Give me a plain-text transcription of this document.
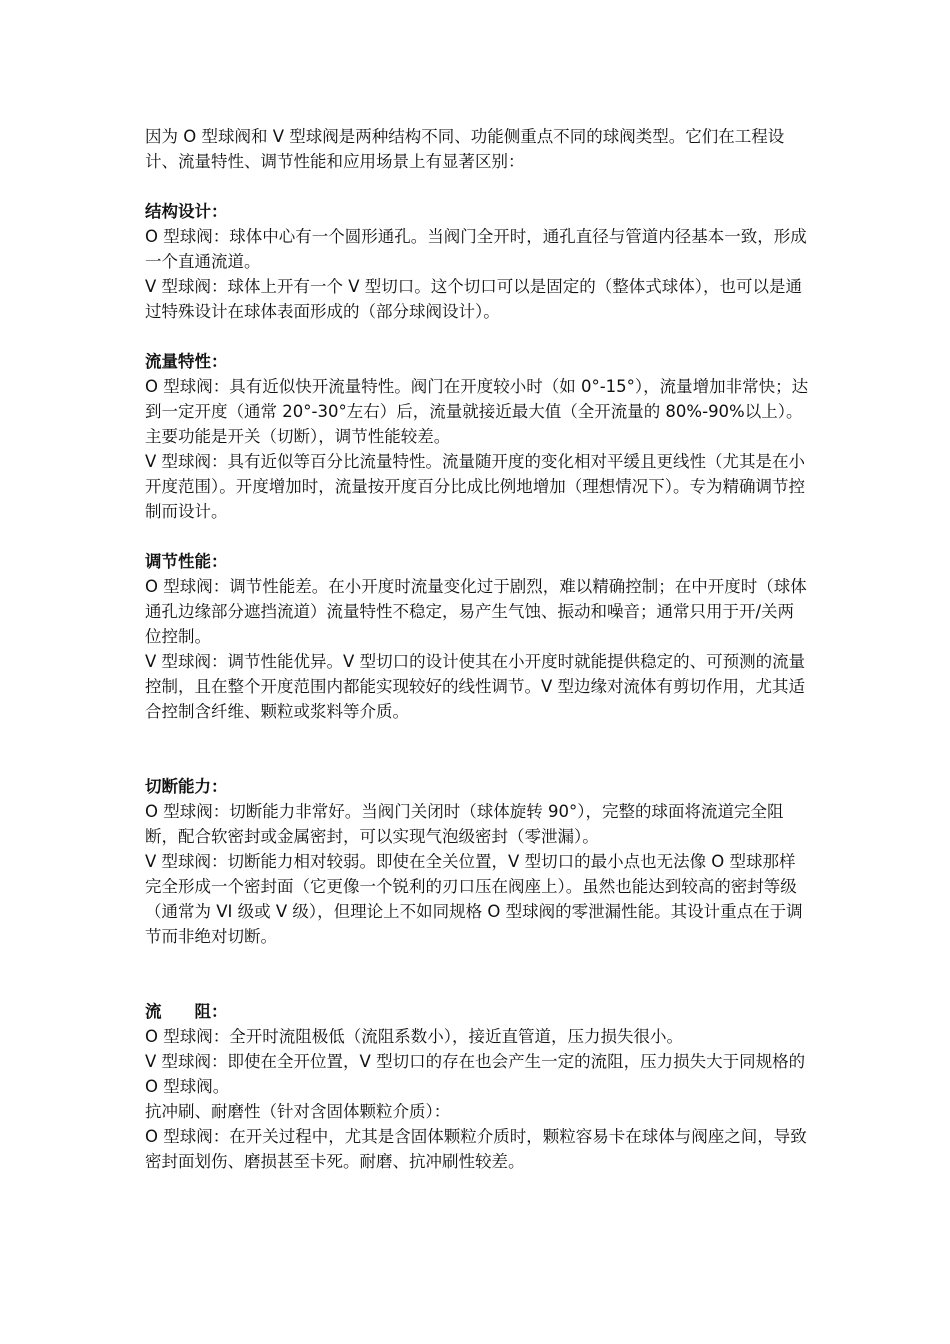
因为 O 型球阀和 V 型球阀是两种结构不同、功能侧重点不同的球阀类型。它们在工程设计、流量特性、调节性能和应用场景上有显著区别：

结构设计：

O 型球阀：球体中心有一个圆形通孔。当阀门全开时，通孔直径与管道内径基本一致，形成一个直通流道。

V 型球阀：球体上开有一个 V 型切口。这个切口可以是固定的（整体式球体），也可以是通过特殊设计在球体表面形成的（部分球阀设计）。

流量特性：

O 型球阀：具有近似快开流量特性。阀门在开度较小时（如 0°-15°），流量增加非常快；达到一定开度（通常 20°-30°左右）后，流量就接近最大值（全开流量的 80%-90%以上）。主要功能是开关（切断），调节性能较差。

V 型球阀：具有近似等百分比流量特性。流量随开度的变化相对平缓且更线性（尤其是在小开度范围）。开度增加时，流量按开度百分比成比例地增加（理想情况下）。专为精确调节控制而设计。

调节性能：

O 型球阀：调节性能差。在小开度时流量变化过于剧烈，难以精确控制；在中开度时（球体通孔边缘部分遮挡流道）流量特性不稳定，易产生气蚀、振动和噪音；通常只用于开/关两位控制。

V 型球阀：调节性能优异。V 型切口的设计使其在小开度时就能提供稳定的、可预测的流量控制，且在整个开度范围内都能实现较好的线性调节。V 型边缘对流体有剪切作用，尤其适合控制含纤维、颗粒或浆料等介质。

切断能力：

O 型球阀：切断能力非常好。当阀门关闭时（球体旋转 90°），完整的球面将流道完全阻断，配合软密封或金属密封，可以实现气泡级密封（零泄漏）。

V 型球阀：切断能力相对较弱。即使在全关位置，V 型切口的最小点也无法像 O 型球那样完全形成一个密封面（它更像一个锐利的刃口压在阀座上）。虽然也能达到较高的密封等级（通常为 VI 级或 V 级），但理论上不如同规格 O 型球阀的零泄漏性能。其设计重点在于调节而非绝对切断。

流　　阻：

O 型球阀：全开时流阻极低（流阻系数小），接近直管道，压力损失很小。

V 型球阀：即使在全开位置，V 型切口的存在也会产生一定的流阻，压力损失大于同规格的 O 型球阀。

抗冲刷、耐磨性（针对含固体颗粒介质）：

O 型球阀：在开关过程中，尤其是含固体颗粒介质时，颗粒容易卡在球体与阀座之间，导致密封面划伤、磨损甚至卡死。耐磨、抗冲刷性较差。
